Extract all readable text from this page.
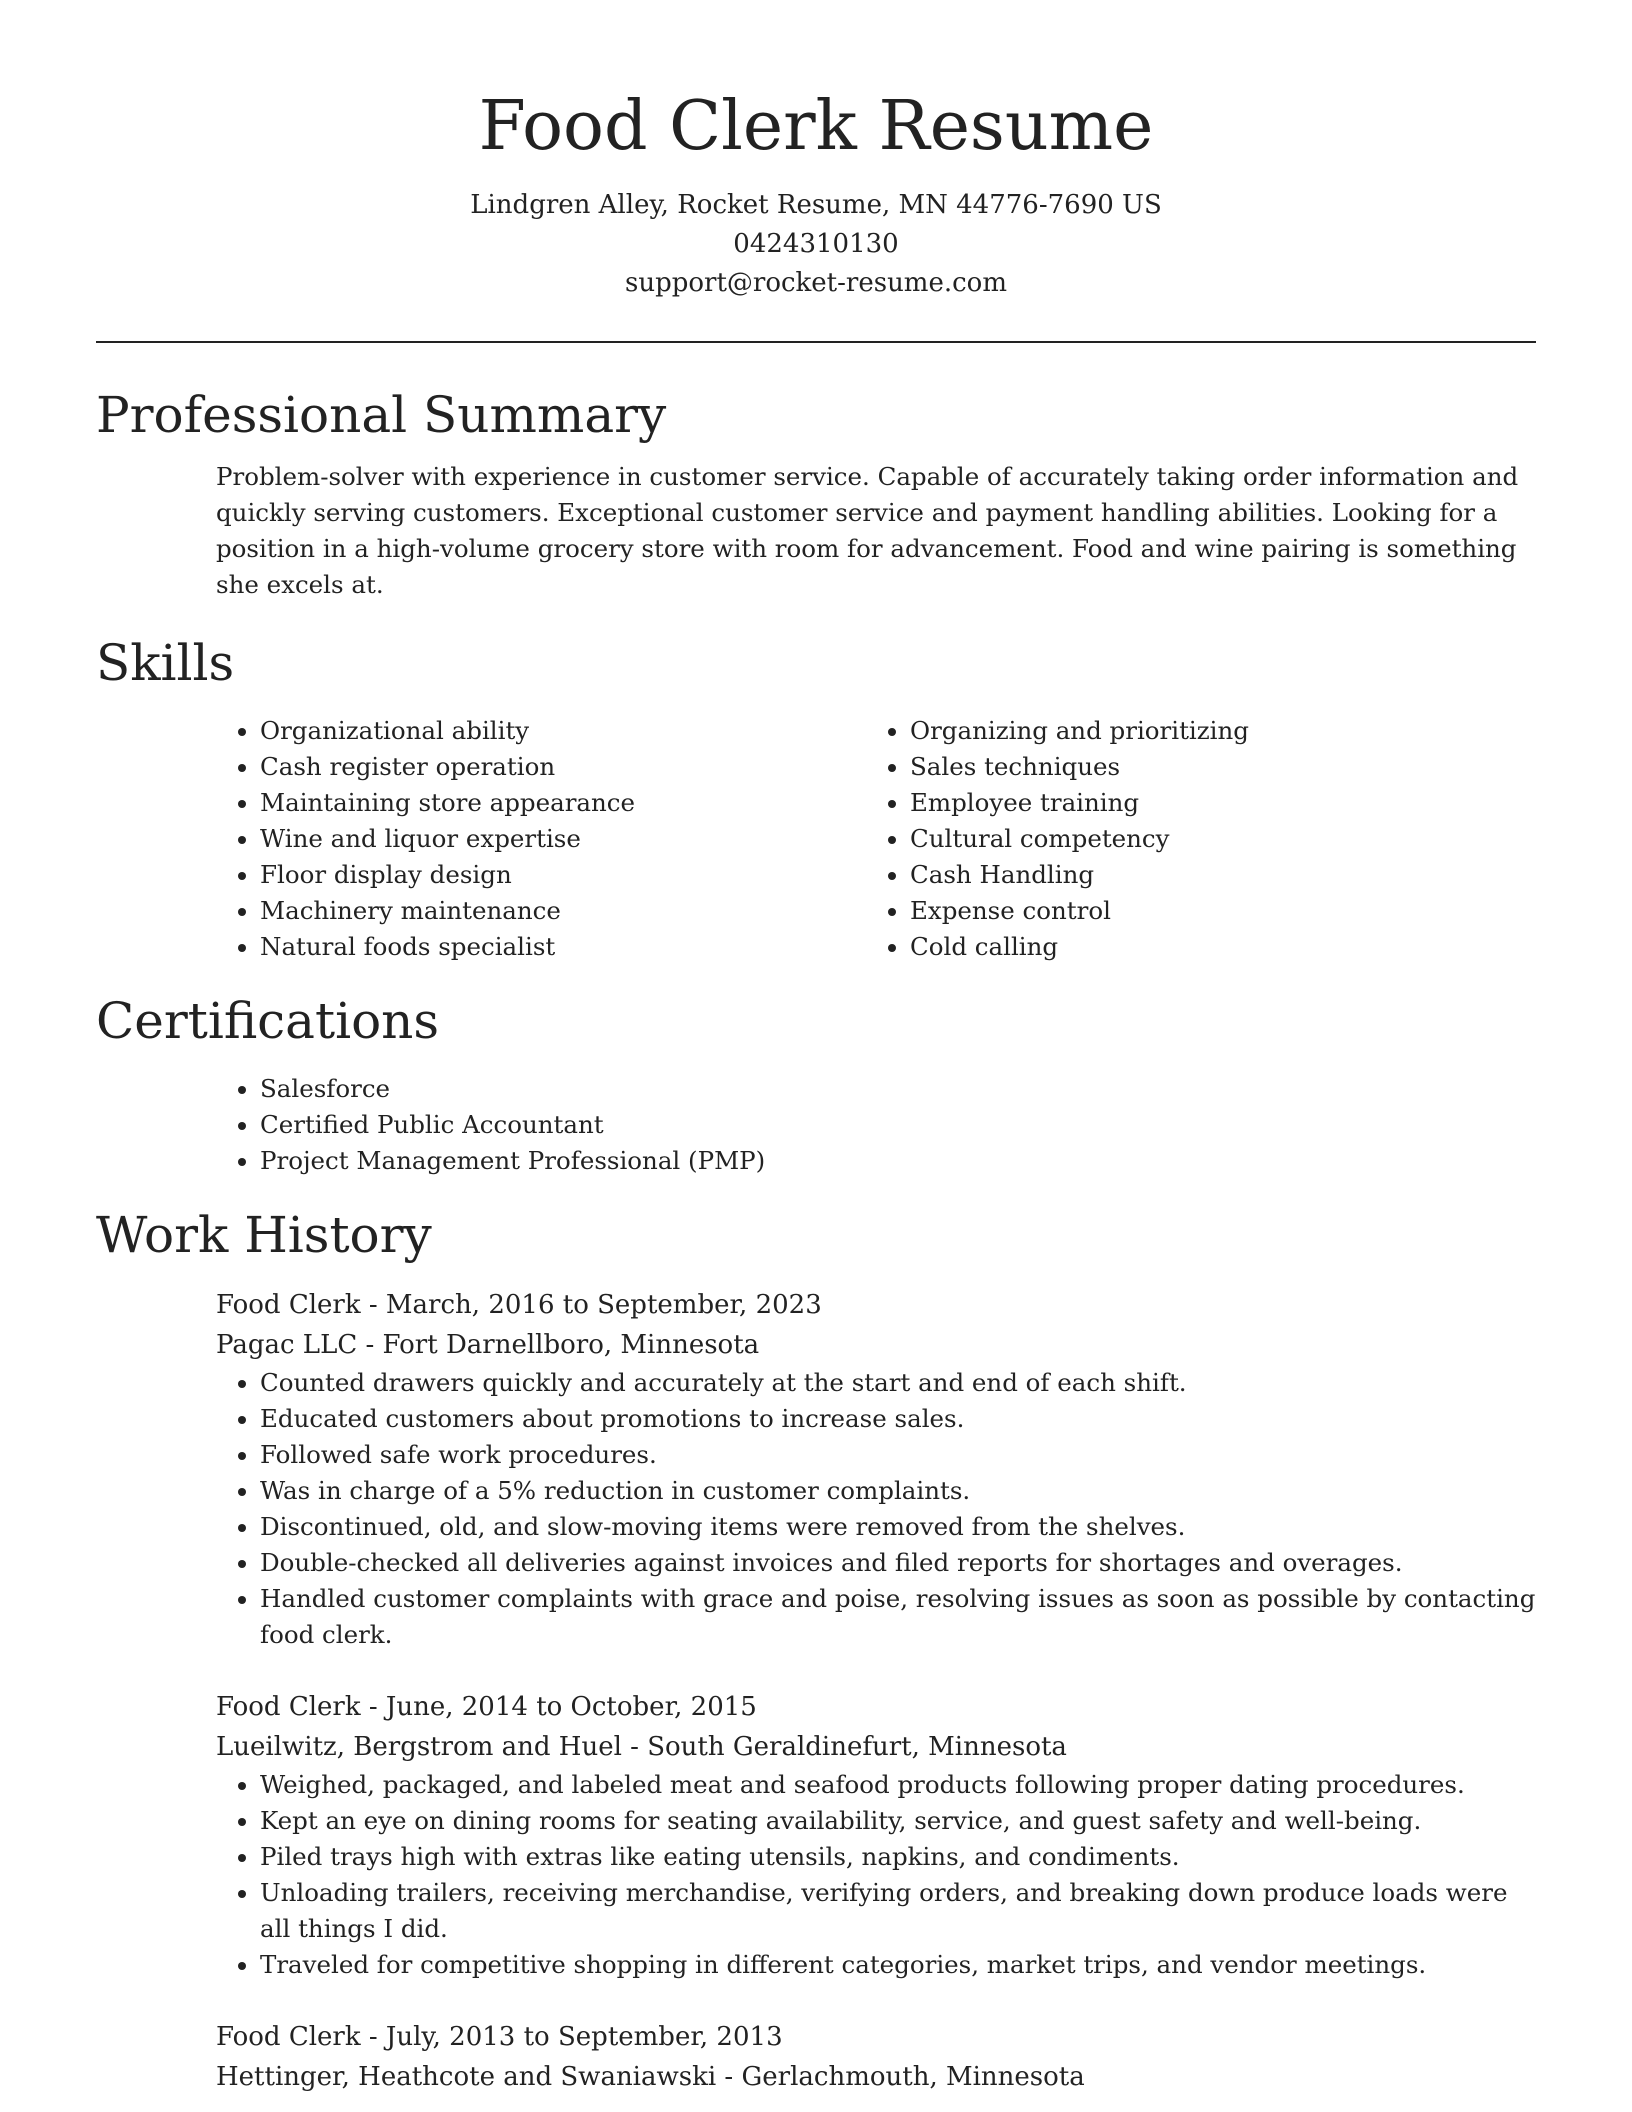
Food Clerk Resume
Lindgren Alley, Rocket Resume, MN 44776-7690 US
0424310130
support@rocket-resume.com
Professional Summary

Problem-solver with experience in customer service. Capable of accurately taking order information and quickly serving customers. Exceptional customer service and payment handling abilities. Looking for a position in a high-volume grocery store with room for advancement. Food and wine pairing is something she excels at.

Skills
• Organizational ability
• Cash register operation
• Maintaining store appearance
• Wine and liquor expertise
• Floor display design
• Machinery maintenance
• Natural foods specialist
• Organizing and prioritizing
• Sales techniques
• Employee training
• Cultural competency
• Cash Handling
• Expense control
• Cold calling
Certifications
• Salesforce
• Certified Public Accountant
• Project Management Professional (PMP)
Work History
Food Clerk - March, 2016 to September, 2023
Pagac LLC - Fort Darnellboro, Minnesota
• Counted drawers quickly and accurately at the start and end of each shift.
• Educated customers about promotions to increase sales.
• Followed safe work procedures.
• Was in charge of a 5% reduction in customer complaints.
• Discontinued, old, and slow-moving items were removed from the shelves.
• Double-checked all deliveries against invoices and filed reports for shortages and overages.
• Handled customer complaints with grace and poise, resolving issues as soon as possible by contacting food clerk.
Food Clerk - June, 2014 to October, 2015
Lueilwitz, Bergstrom and Huel - South Geraldinefurt, Minnesota
• Weighed, packaged, and labeled meat and seafood products following proper dating procedures.
• Kept an eye on dining rooms for seating availability, service, and guest safety and well-being.
• Piled trays high with extras like eating utensils, napkins, and condiments.
• Unloading trailers, receiving merchandise, verifying orders, and breaking down produce loads were all things I did.
• Traveled for competitive shopping in different categories, market trips, and vendor meetings.
Food Clerk - July, 2013 to September, 2013
Hettinger, Heathcote and Swaniawski - Gerlachmouth, Minnesota
